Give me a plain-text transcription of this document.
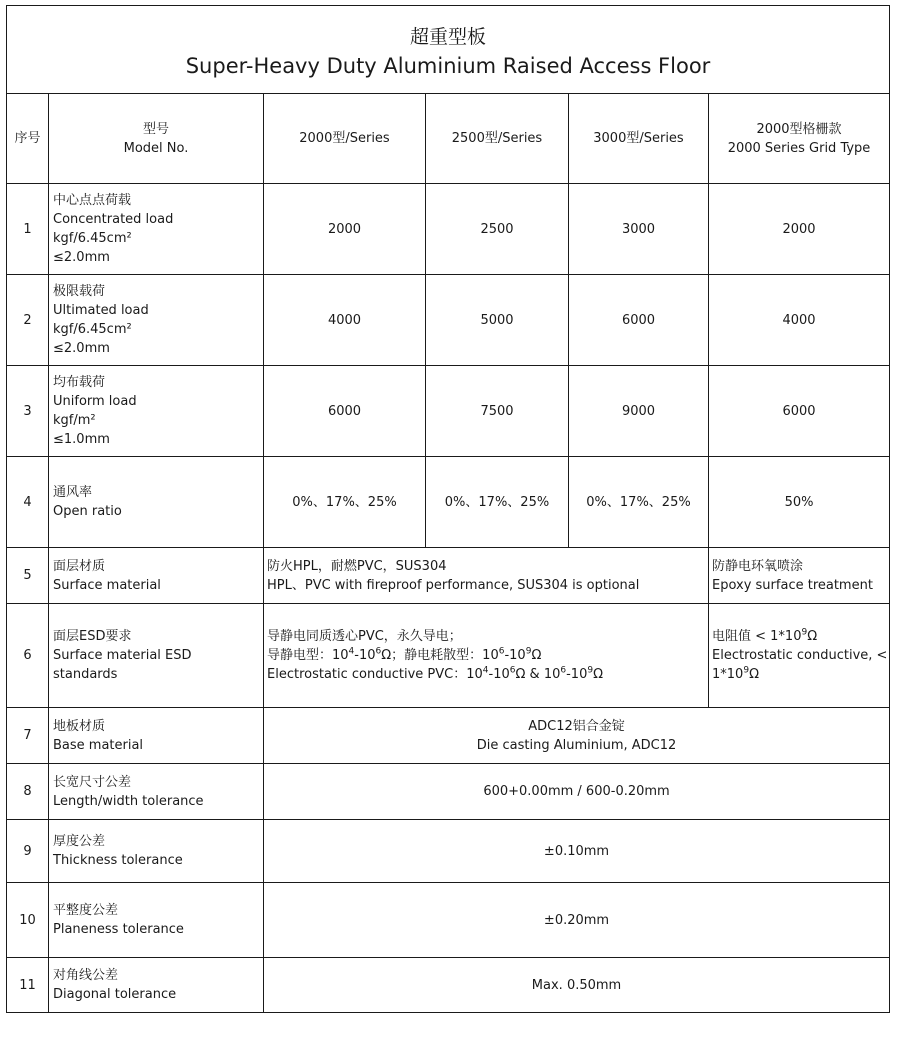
超重型板
Super-Heavy Duty Aluminium Raised Access Floor					

序号	型号
Model No.	2000型/Series	2500型/Series	3000型/Series	2000型格栅款
2000 Series Grid Type

1	中心点点荷载
Concentrated load
kgf/6.45cm²
≤2.0mm	2000	2500	3000	2000
2	极限载荷
Ultimated load
kgf/6.45cm²
≤2.0mm	4000	5000	6000	4000
3	均布载荷
Uniform load
kgf/m²
≤1.0mm	6000	7500	9000	6000
4	通风率
Open ratio	0%、17%、25%	0%、17%、25%	0%、17%、25%	50%
5	面层材质
Surface material	防火HPL，耐燃PVC，SUS304
HPL、PVC with fireproof performance, SUS304 is optional			防静电环氧喷涂
Epoxy surface treatment

6	面层ESD要求
Surface material ESD
standards	导静电同质透心PVC，永久导电；
导静电型：$10^4-10^6\Omega$；静电耗散型：$10^6-10^9\Omega$
Electrostatic conductive PVC：$10^4-10^6\Omega$ & $10^6-10^9\Omega$			电阻值 < $1*10^9\Omega$
Electrostatic conductive, <
$1*10^9\Omega$

7	地板材质
Base material	ADC12铝合金锭
Die casting Aluminium, ADC12			

8	长宽尺寸公差
Length/width tolerance	600+0.00mm / 600-0.20mm			
9	厚度公差
Thickness tolerance	±0.10mm			
10	平整度公差
Planeness tolerance	±0.20mm			
11	对角线公差
Diagonal tolerance	Max. 0.50mm			
